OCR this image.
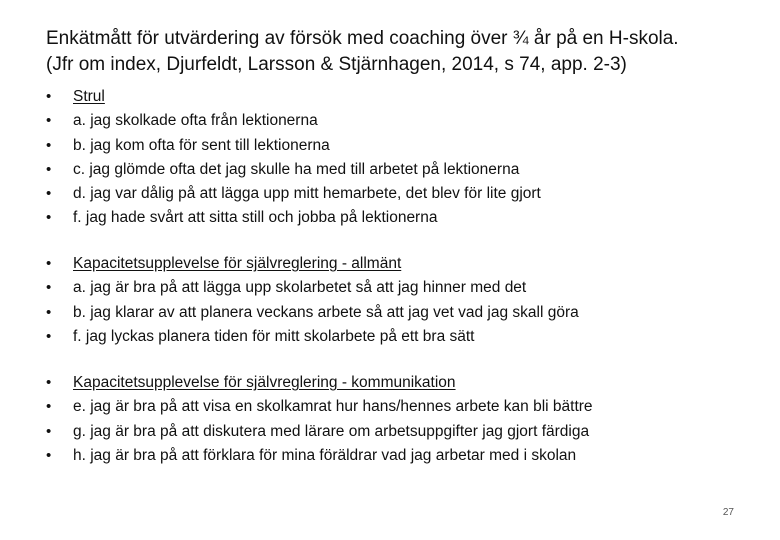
Enkätmått för utvärdering av försök med coaching över ¾ år på en H-skola.
(Jfr om index, Djurfeldt, Larsson & Stjärnhagen, 2014, s 74, app. 2-3)
•	Strul
•	a. jag skolkade ofta från lektionerna
•	b. jag kom ofta för sent till lektionerna
•	c. jag glömde ofta det jag skulle ha med till arbetet på lektionerna
•	d. jag var dålig på att lägga upp mitt hemarbete, det blev för lite gjort
•	f. jag hade svårt att sitta still och jobba på lektionerna
•	Kapacitetsupplevelse för självreglering - allmänt
•	a. jag är bra på att lägga upp skolarbetet så att jag hinner med det
•	b. jag klarar av att planera veckans arbete så att jag vet vad jag skall göra
•	f. jag lyckas planera tiden för mitt skolarbete på ett bra sätt
•	Kapacitetsupplevelse för självreglering - kommunikation
•	e. jag är bra på att visa en skolkamrat hur hans/hennes arbete kan bli bättre
•	g. jag är bra på att diskutera med lärare om arbetsuppgifter jag gjort färdiga
•	h. jag är bra på att förklara för mina föräldrar vad jag arbetar med i skolan
27
